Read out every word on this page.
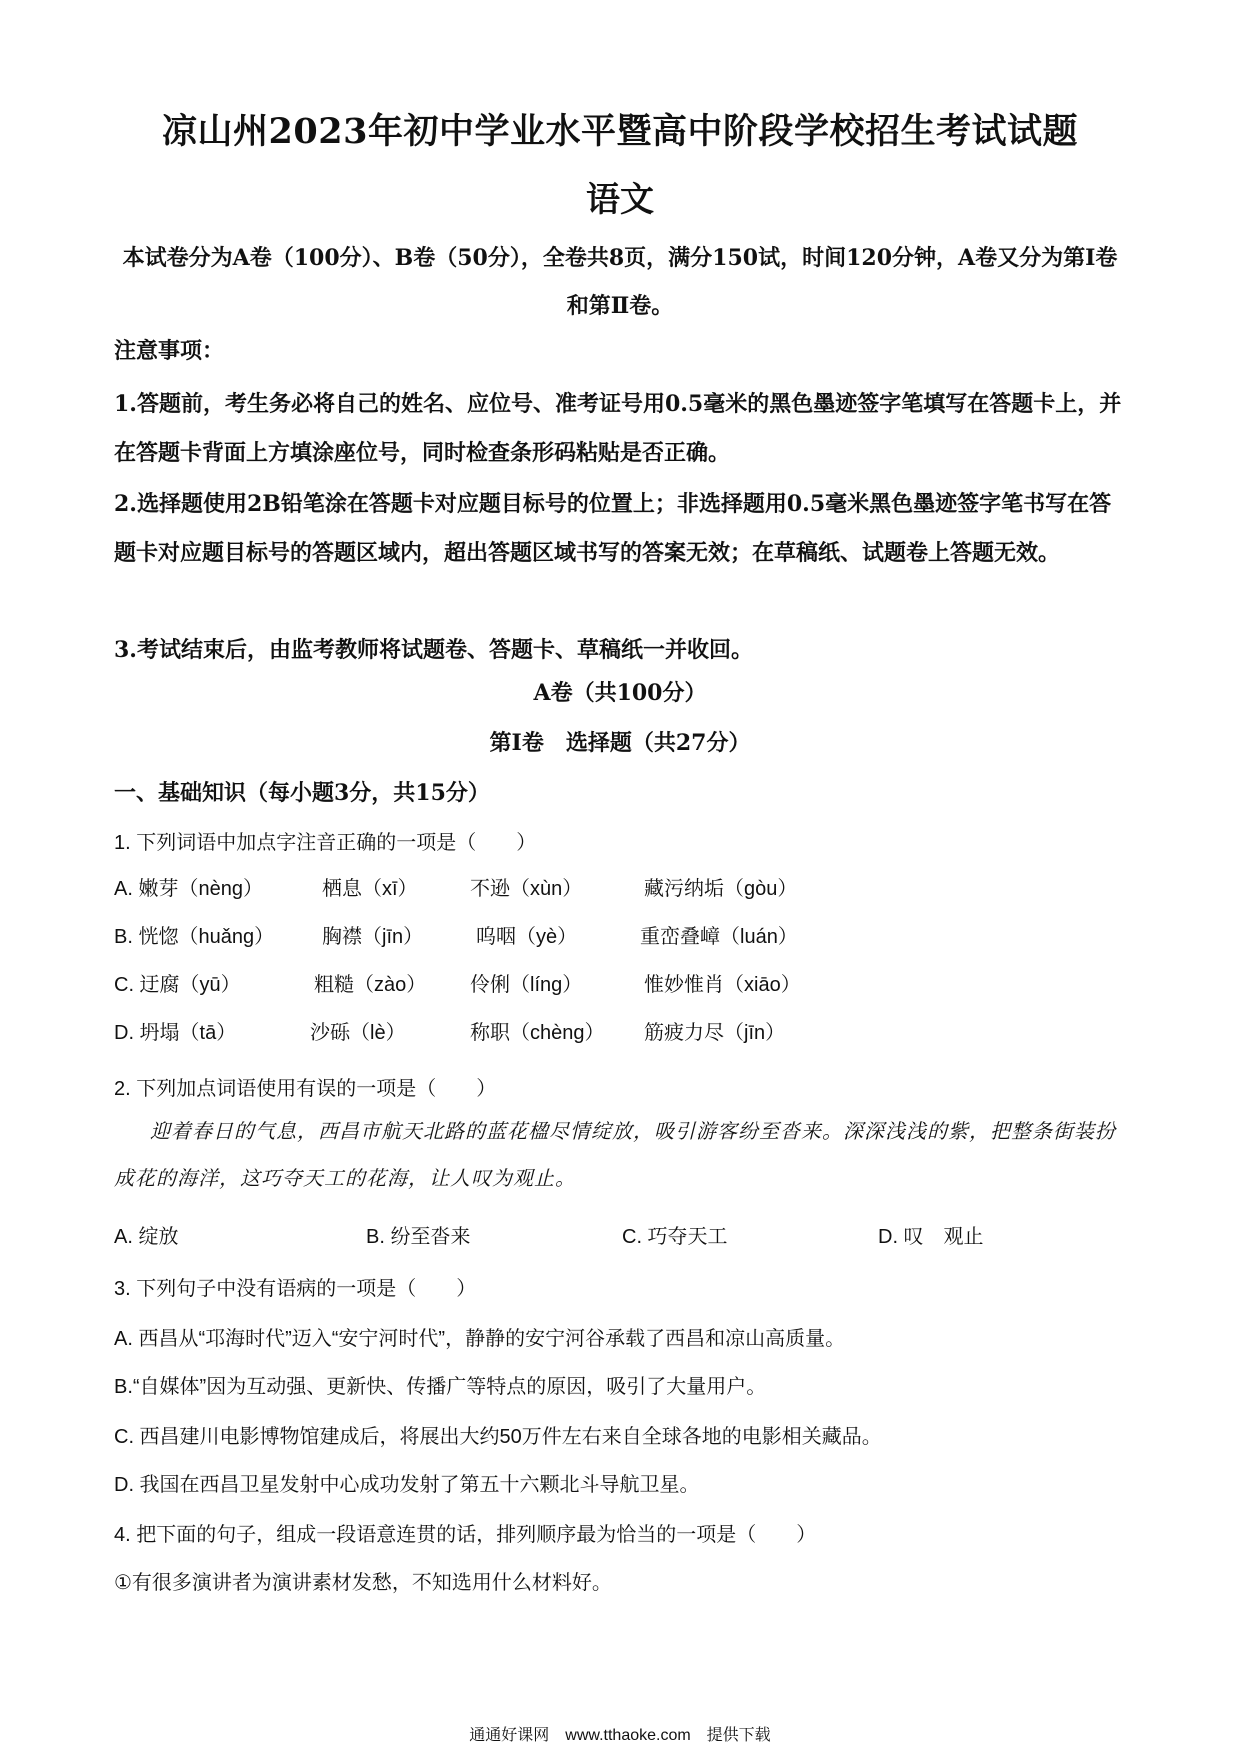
凉山州2023年初中学业水平暨高中阶段学校招生考试试题
语文
本试卷分为A卷（100分）、B卷（50分），全卷共8页，满分150试，时间120分钟，A卷又分为第Ⅰ卷和第Ⅱ卷。
注意事项：
1.答题前，考生务必将自己的姓名、应位号、准考证号用0.5毫米的黑色墨迹签字笔填写在答题卡上，并在答题卡背面上方填涂座位号，同时检查条形码粘贴是否正确。
2.选择题使用2B铅笔涂在答题卡对应题目标号的位置上；非选择题用0.5毫米黑色墨迹签字笔书写在答题卡对应题目标号的答题区域内，超出答题区域书写的答案无效；在草稿纸、试题卷上答题无效。
3.考试结束后，由监考教师将试题卷、答题卡、草稿纸一并收回。
A卷（共100分）
第Ⅰ卷　选择题（共27分）
一、基础知识（每小题3分，共15分）
1. 下列词语中加点字注音正确的一项是（　　）
A. 嫩芽（nèng）	栖息（xī）	不逊（xùn）	藏污纳垢（gòu）
B. 恍惚（huǎng） 胸襟（jīn）	呜咽（yè）	重峦叠嶂（luán）
C. 迂腐（yū）	粗糙（zào） 伶俐（líng）	惟妙惟肖（xiāo）
D. 坍塌（tā）	沙砾（lè）	称职（chèng） 筋疲力尽（jīn）
2. 下列加点词语使用有误的一项是（　　）
迎着春日的气息，西昌市航天北路的蓝花楹尽情绽放，吸引游客纷至沓来。深深浅浅的紫，把整条街装扮成花的海洋，这巧夺天工的花海，让人叹为观止。
A. 绽放	B. 纷至沓来	C. 巧夺天工	D. 叹　观止
3. 下列句子中没有语病的一项是（　　）
A. 西昌从“邛海时代”迈入“安宁河时代”，静静的安宁河谷承载了西昌和凉山高质量。
B.“自媒体”因为互动强、更新快、传播广等特点的原因，吸引了大量用户。
C. 西昌建川电影博物馆建成后，将展出大约50万件左右来自全球各地的电影相关藏品。
D. 我国在西昌卫星发射中心成功发射了第五十六颗北斗导航卫星。
4. 把下面的句子，组成一段语意连贯的话，排列顺序最为恰当的一项是（　　）
①有很多演讲者为演讲素材发愁，不知选用什么材料好。
通通好课网　www.tthaoke.com　提供下载
